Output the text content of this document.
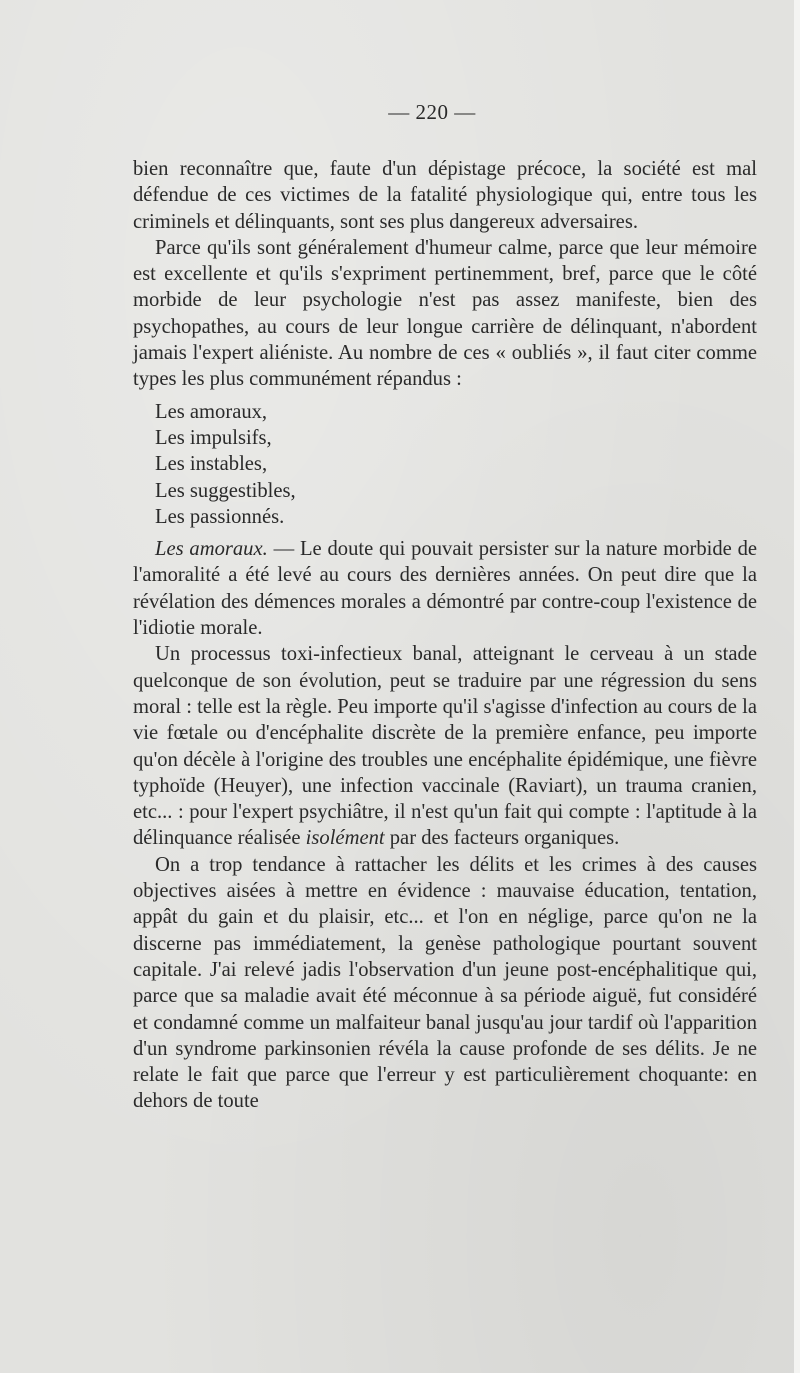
— 220 —

bien reconnaître que, faute d'un dépistage précoce, la société est mal défendue de ces victimes de la fatalité physiologique qui, entre tous les criminels et délinquants, sont ses plus dangereux adversaires.

Parce qu'ils sont généralement d'humeur calme, parce que leur mémoire est excellente et qu'ils s'expriment pertinemment, bref, parce que le côté morbide de leur psychologie n'est pas assez manifeste, bien des psychopathes, au cours de leur longue carrière de délinquant, n'abordent jamais l'expert aliéniste. Au nombre de ces « oubliés », il faut citer comme types les plus communément répandus :

Les amoraux,
Les impulsifs,
Les instables,
Les suggestibles,
Les passionnés.

Les amoraux. — Le doute qui pouvait persister sur la nature morbide de l'amoralité a été levé au cours des dernières années. On peut dire que la révélation des démences morales a démontré par contre-coup l'existence de l'idiotie morale.

Un processus toxi-infectieux banal, atteignant le cerveau à un stade quelconque de son évolution, peut se traduire par une régression du sens moral : telle est la règle. Peu importe qu'il s'agisse d'infection au cours de la vie fœtale ou d'encéphalite discrète de la première enfance, peu importe qu'on décèle à l'origine des troubles une encéphalite épidémique, une fièvre typhoïde (Heuyer), une infection vaccinale (Raviart), un trauma cranien, etc... : pour l'expert psychiâtre, il n'est qu'un fait qui compte : l'aptitude à la délinquance réalisée isolément par des facteurs organiques.

On a trop tendance à rattacher les délits et les crimes à des causes objectives aisées à mettre en évidence : mauvaise éducation, tentation, appât du gain et du plaisir, etc... et l'on en néglige, parce qu'on ne la discerne pas immédiatement, la genèse pathologique pourtant souvent capitale. J'ai relevé jadis l'observation d'un jeune post-encéphalitique qui, parce que sa maladie avait été méconnue à sa période aiguë, fut considéré et condamné comme un malfaiteur banal jusqu'au jour tardif où l'apparition d'un syndrome parkinsonien révéla la cause profonde de ses délits. Je ne relate le fait que parce que l'erreur y est particulièrement choquante: en dehors de toute
